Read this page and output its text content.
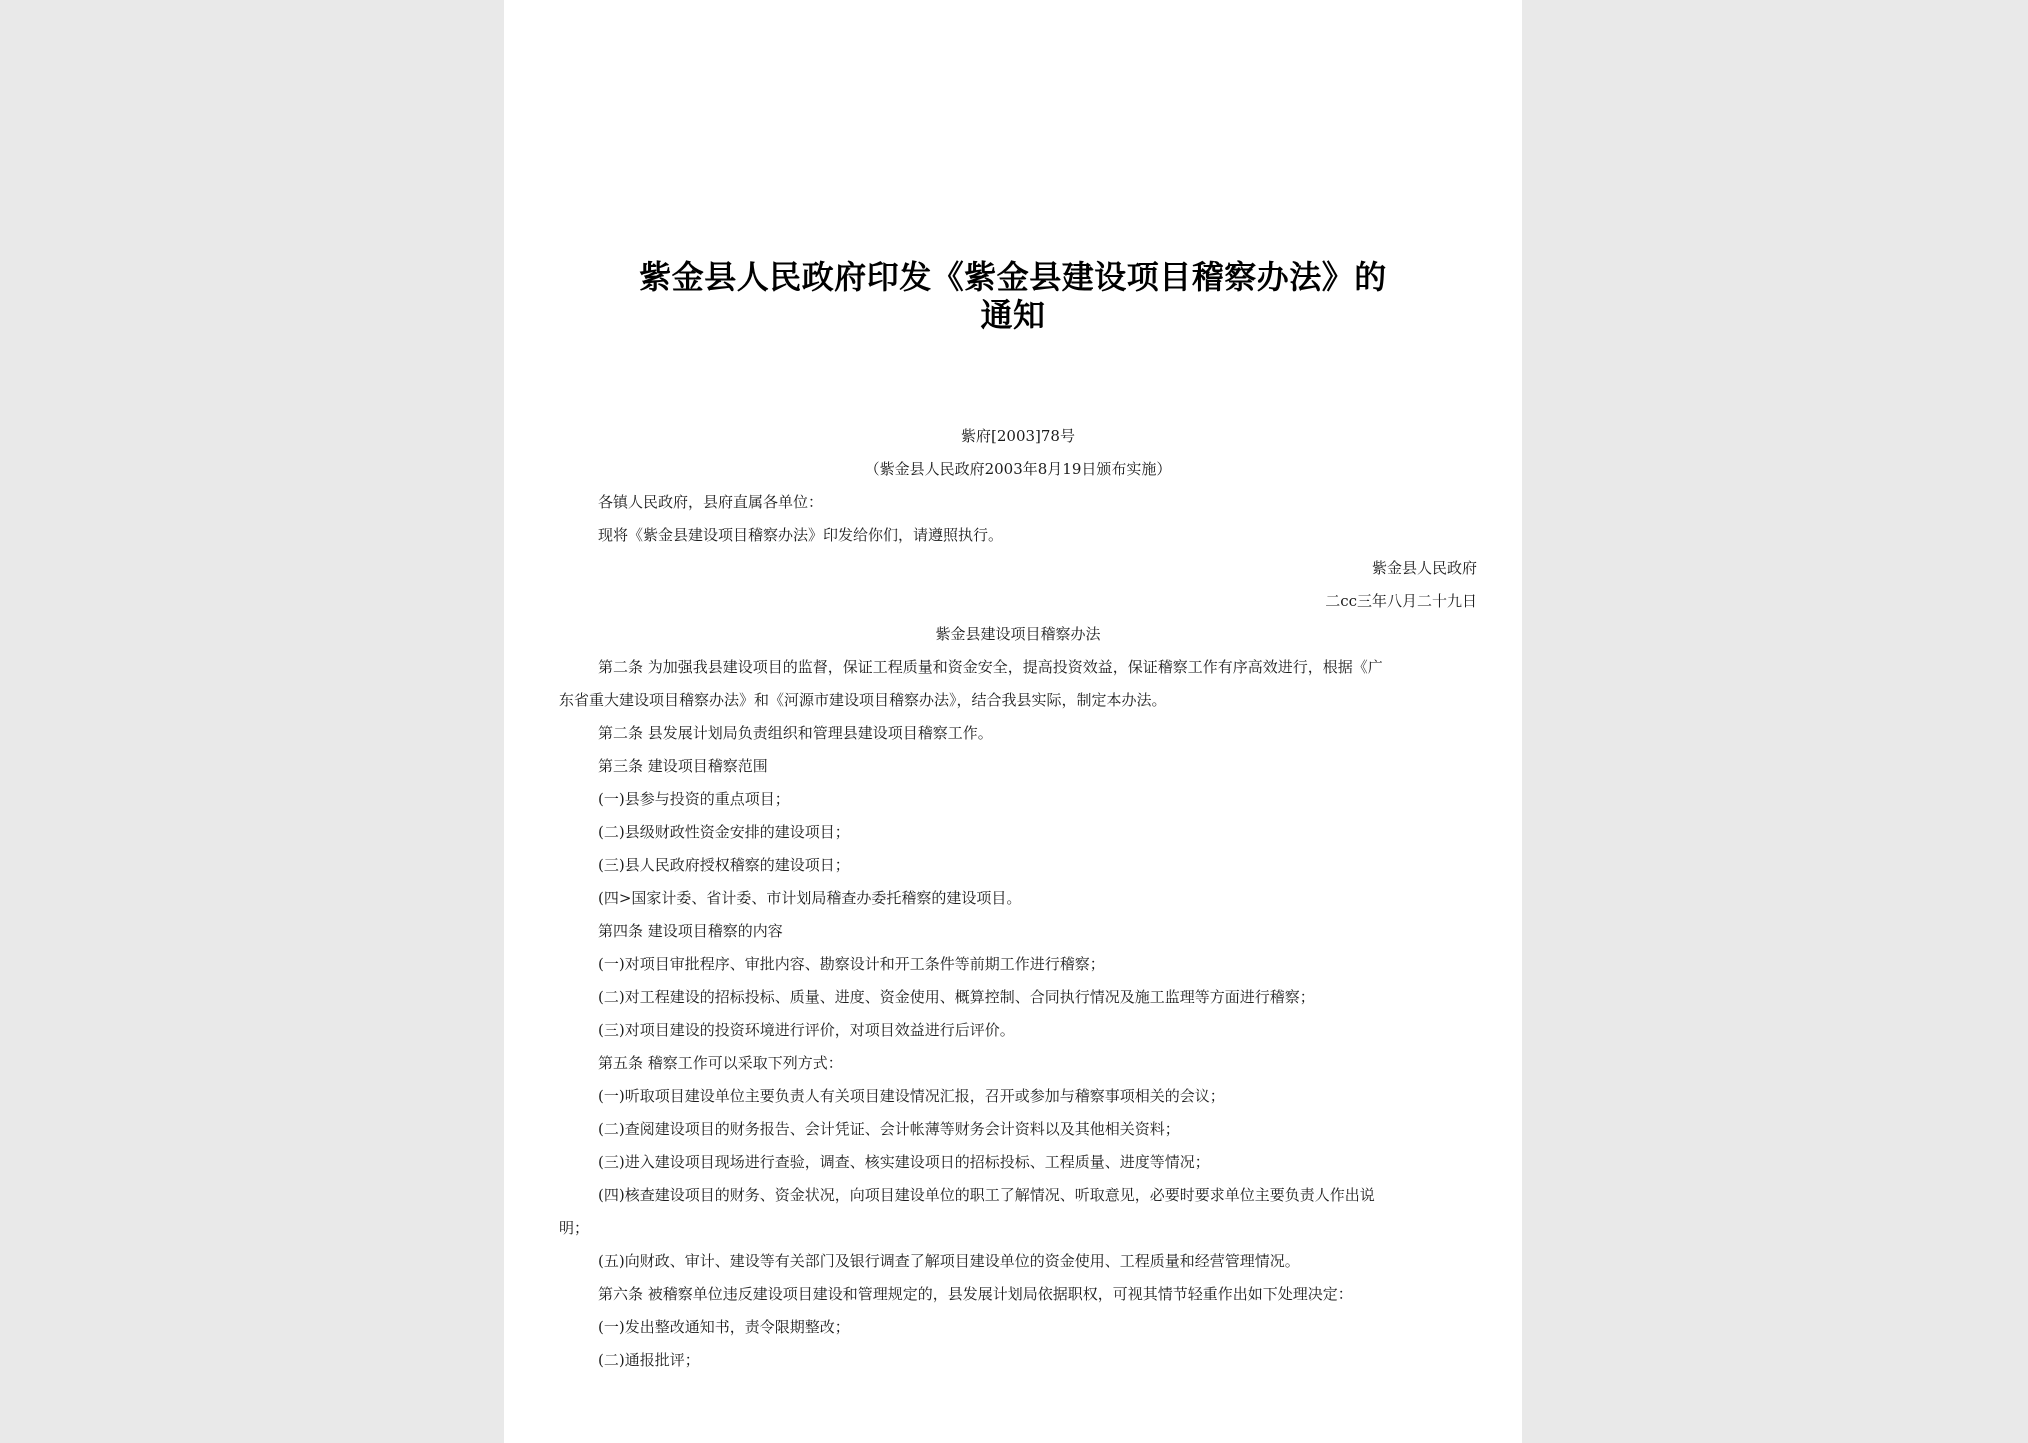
紫金县人民政府印发《紫金县建设项目稽察办法》的
通知
紫府[2003]78号
（紫金县人民政府2003年8月19日颁布实施）
各镇人民政府，县府直属各单位：
现将《紫金县建设项目稽察办法》印发给你们，请遵照执行。
紫金县人民政府
二cc三年八月二十九日
紫金县建设项目稽察办法
第二条 为加强我县建设项目的监督，保证工程质量和资金安全，提高投资效益，保证稽察工作有序高效进行，根据《广
东省重大建设项目稽察办法》和《河源市建设项目稽察办法》，结合我县实际，制定本办法。
第二条 县发展计划局负责组织和管理县建设项目稽察工作。
第三条 建设项目稽察范围
(一)县参与投资的重点项目；
(二)县级财政性资金安排的建设项目；
(三)县人民政府授权稽察的建设项日；
(四>国家计委、省计委、市计划局稽查办委托稽察的建设项目。
第四条 建设项目稽察的内容
(一)对项目审批程序、审批内容、勘察设计和开工条件等前期工作进行稽察；
(二)对工程建设的招标投标、质量、进度、资金使用、概算控制、合同执行情况及施工监理等方面进行稽察；
(三)对项目建设的投资环境进行评价，对项目效益进行后评价。
第五条 稽察工作可以采取下列方式：
(一)听取项目建设单位主要负责人有关项目建设情况汇报，召开或参加与稽察事项相关的会议；
(二)查阅建设项目的财务报告、会计凭证、会计帐薄等财务会计资料以及其他相关资料；
(三)进入建设项目现场进行查验，调查、核实建设项日的招标投标、工程质量、进度等情况；
(四)核查建设项目的财务、资金状况，向项目建设单位的职工了解情况、听取意见，必要时要求单位主要负责人作出说
明；
(五)向财政、审计、建设等有关部门及银行调查了解项目建设单位的资金使用、工程质量和经营管理情况。
第六条 被稽察单位违反建设项目建设和管理规定的，县发展计划局依据职权，可视其情节轻重作出如下处理决定：
(一)发出整改通知书，责令限期整改；
(二)通报批评；
